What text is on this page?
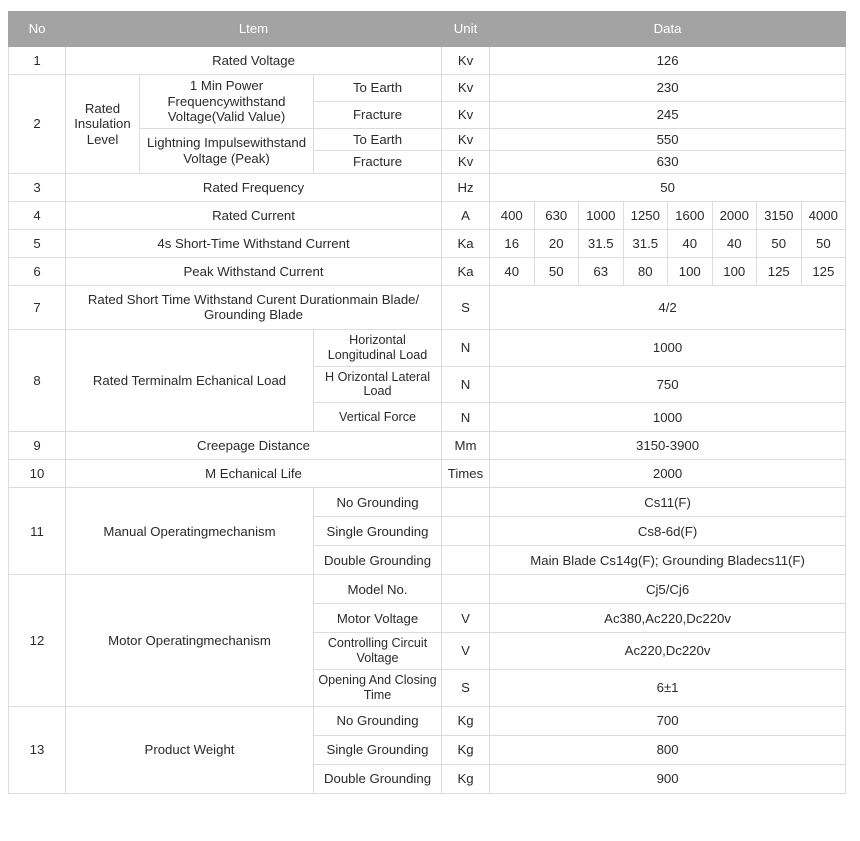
No	Ltem			Unit	Data							
1	Rated Voltage			Kv	126							
2	Rated Insulation Level	1 Min Power Frequencywithstand Voltage(Valid Value)	To Earth	Kv	230							
			Fracture	Kv	245							
		Lightning Impulsewithstand Voltage (Peak)	To Earth	Kv	550							
			Fracture	Kv	630							
3	Rated Frequency			Hz	50							
4	Rated Current			A	400	630	1000	1250	1600	2000	3150	4000
5	4s Short-Time Withstand Current			Ka	16	20	31.5	31.5	40	40	50	50
6	Peak Withstand Current			Ka	40	50	63	80	100	100	125	125
7	Rated Short Time Withstand Curent Durationmain Blade/ Grounding Blade			S	4/2							
8	Rated Terminalm Echanical Load		Horizontal Longitudinal Load	N	1000							
			H Orizontal Lateral Load	N	750							
			Vertical Force	N	1000							
9	Creepage Distance			Mm	3150-3900							
10	M Echanical Life			Times	2000							
11	Manual Operatingmechanism		No Grounding		Cs11(F)							
			Single Grounding		Cs8-6d(F)							
			Double Grounding		Main Blade Cs14g(F); Grounding Bladecs11(F)							
12	Motor Operatingmechanism		Model No.		Cj5/Cj6							
			Motor Voltage	V	Ac380,Ac220,Dc220v							
			Controlling Circuit Voltage	V	Ac220,Dc220v							
			Opening And Closing Time	S	6±1							
13	Product Weight		No Grounding	Kg	700							
			Single Grounding	Kg	800							
			Double Grounding	Kg	900							
